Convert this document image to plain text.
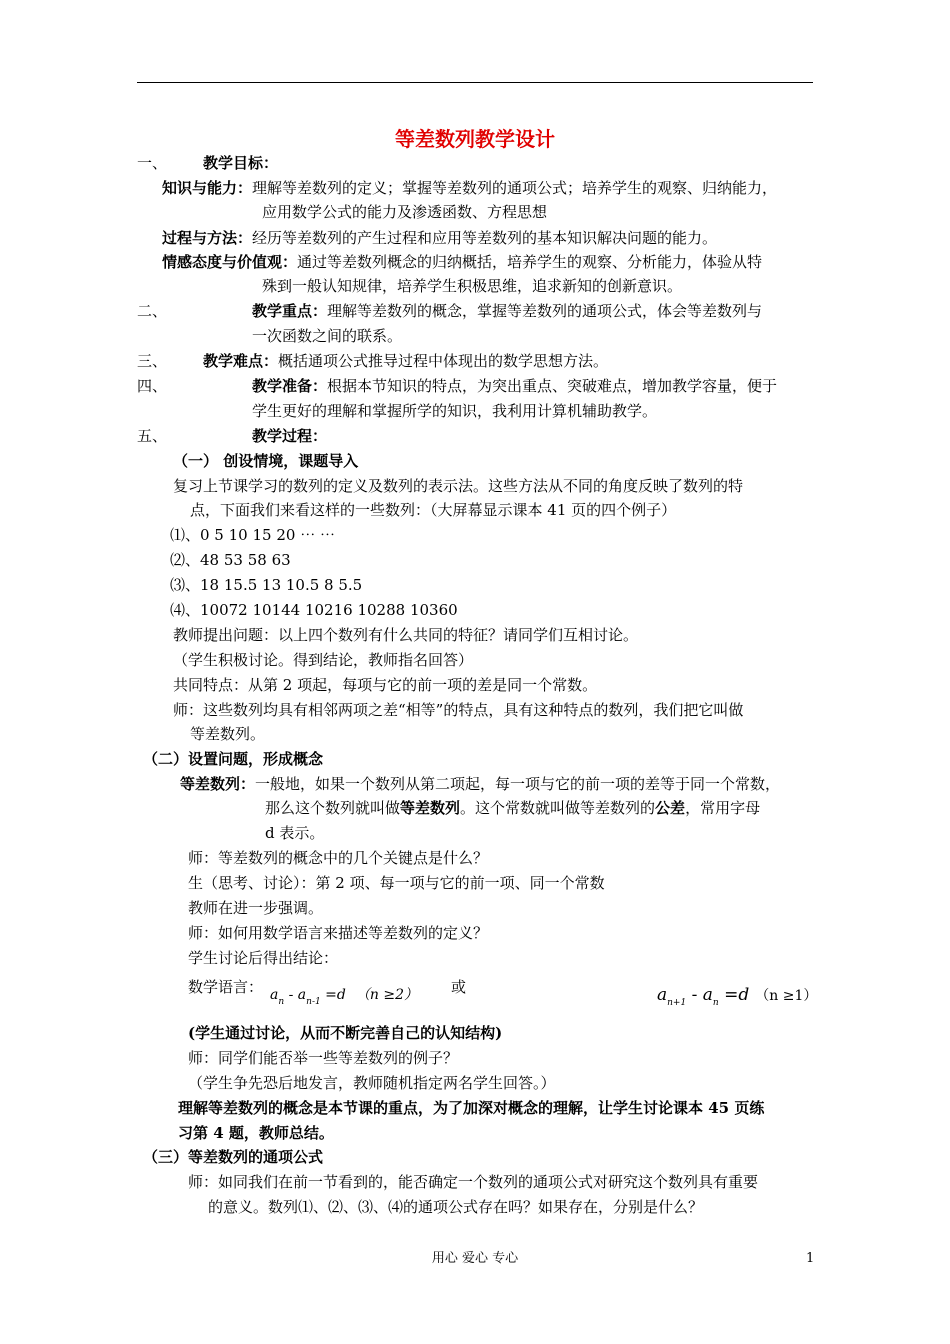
等差数列教学设计
一、 教学目标：
知识与能力：理解等差数列的定义；掌握等差数列的通项公式；培养学生的观察、归纳能力，
应用数学公式的能力及渗透函数、方程思想
过程与方法：经历等差数列的产生过程和应用等差数列的基本知识解决问题的能力。
情感态度与价值观：通过等差数列概念的归纳概括，培养学生的观察、分析能力，体验从特
殊到一般认知规律，培养学生积极思维，追求新知的创新意识。
二、	教学重点：理解等差数列的概念，掌握等差数列的通项公式，体会等差数列与
一次函数之间的联系。
三、 教学难点：概括通项公式推导过程中体现出的数学思想方法。
四、	教学准备：根据本节知识的特点，为突出重点、突破难点，增加教学容量，便于
学生更好的理解和掌握所学的知识，我利用计算机辅助教学。
五、	教学过程：
（一） 创设情境，课题导入
复习上节课学习的数列的定义及数列的表示法。这些方法从不同的角度反映了数列的特
点，下面我们来看这样的一些数列：（大屏幕显示课本 41 页的四个例子）
⑴、0 5 10 15 20 ⋯ ⋯
⑵、48 53 58 63
⑶、18 15.5 13 10.5 8 5.5
⑷、10072 10144 10216 10288 10360
教师提出问题：以上四个数列有什么共同的特征？请同学们互相讨论。
（学生积极讨论。得到结论，教师指名回答）
共同特点：从第 2 项起，每项与它的前一项的差是同一个常数。
师：这些数列均具有相邻两项之差“相等”的特点，具有这种特点的数列，我们把它叫做
等差数列。
（二）设置问题，形成概念
等差数列：一般地，如果一个数列从第二项起，每一项与它的前一项的差等于同一个常数，
那么这个数列就叫做等差数列。这个常数就叫做等差数列的公差，常用字母
d 表示。
师：等差数列的概念中的几个关键点是什么？
生（思考、讨论）：第 2 项、每一项与它的前一项、同一个常数
教师在进一步强调。
师：如何用数学语言来描述等差数列的定义？
学生讨论后得出结论：
数学语言： $a_n - a_{n-1} =d$ （n ≥2） 或	$a_{n+1} - a_n =d$ （n ≥1）
(学生通过讨论，从而不断完善自己的认知结构)
师：同学们能否举一些等差数列的例子？
（学生争先恐后地发言，教师随机指定两名学生回答。）
理解等差数列的概念是本节课的重点，为了加深对概念的理解，让学生讨论课本 45 页练
习第 4 题，教师总结。
（三）等差数列的通项公式
师：如同我们在前一节看到的，能否确定一个数列的通项公式对研究这个数列具有重要
的意义。数列⑴、⑵、⑶、⑷的通项公式存在吗？如果存在，分别是什么？
用心 爱心 专心	1
